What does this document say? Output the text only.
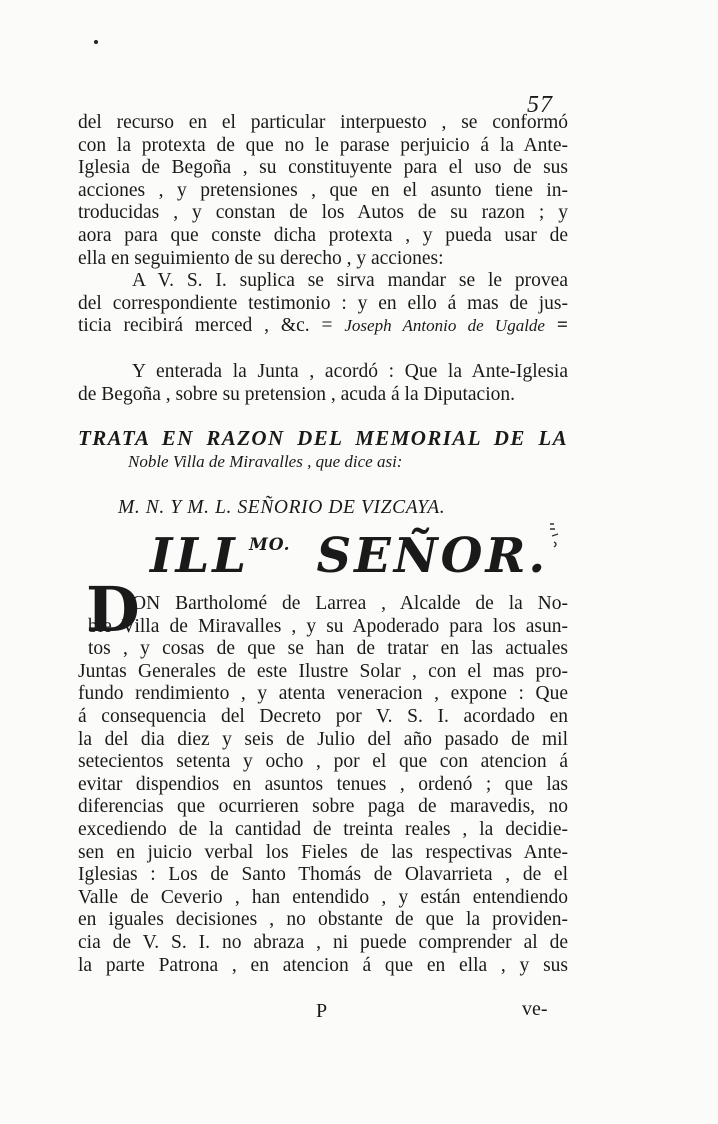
57
del recurso en el particular interpuesto , se conformó
con la protexta de que no le parase perjuicio á la Ante-
Iglesia de Begoña , su constituyente para el uso de sus
acciones , y pretensiones , que en el asunto tiene in-
troducidas , y constan de los Autos de su razon ; y
aora para que conste dicha protexta , y pueda usar de
ella en seguimiento de su derecho , y acciones:
A V. S. I. suplica se sirva mandar se le provea
del correspondiente testimonio : y en ello á mas de jus-
ticia recibirá merced , &c. = Joseph Antonio de Ugalde =
Y enterada la Junta , acordó : Que la Ante-Iglesia
de Begoña , sobre su pretension , acuda á la Diputacion.
TRATA EN RAZON DEL MEMORIAL DE LA
Noble Villa de Miravalles , que dice asi:
M. N. Y M. L. SEÑORIO DE VIZCAYA.
$ILL^{MO.}$ SEÑOR.
D
ON Bartholomé de Larrea , Alcalde de la No-
ble Villa de Miravalles , y su Apoderado para los asun-
tos , y cosas de que se han de tratar en las actuales
Juntas Generales de este Ilustre Solar , con el mas pro-
fundo rendimiento , y atenta veneracion , expone : Que
á consequencia del Decreto por V. S. I. acordado en
la del dia diez y seis de Julio del año pasado de mil
setecientos setenta y ocho , por el que con atencion á
evitar dispendios en asuntos tenues , ordenó ; que las
diferencias que ocurrieren sobre paga de maravedis, no
excediendo de la cantidad de treinta reales , la decidie-
sen en juicio verbal los Fieles de las respectivas Ante-
Iglesias : Los de Santo Thomás de Olavarrieta , de el
Valle de Ceverio , han entendido , y están entendiendo
en iguales decisiones , no obstante de que la providen-
cia de V. S. I. no abraza , ni puede comprender al de
la parte Patrona , en atencion á que en ella , y sus
P	ve-
